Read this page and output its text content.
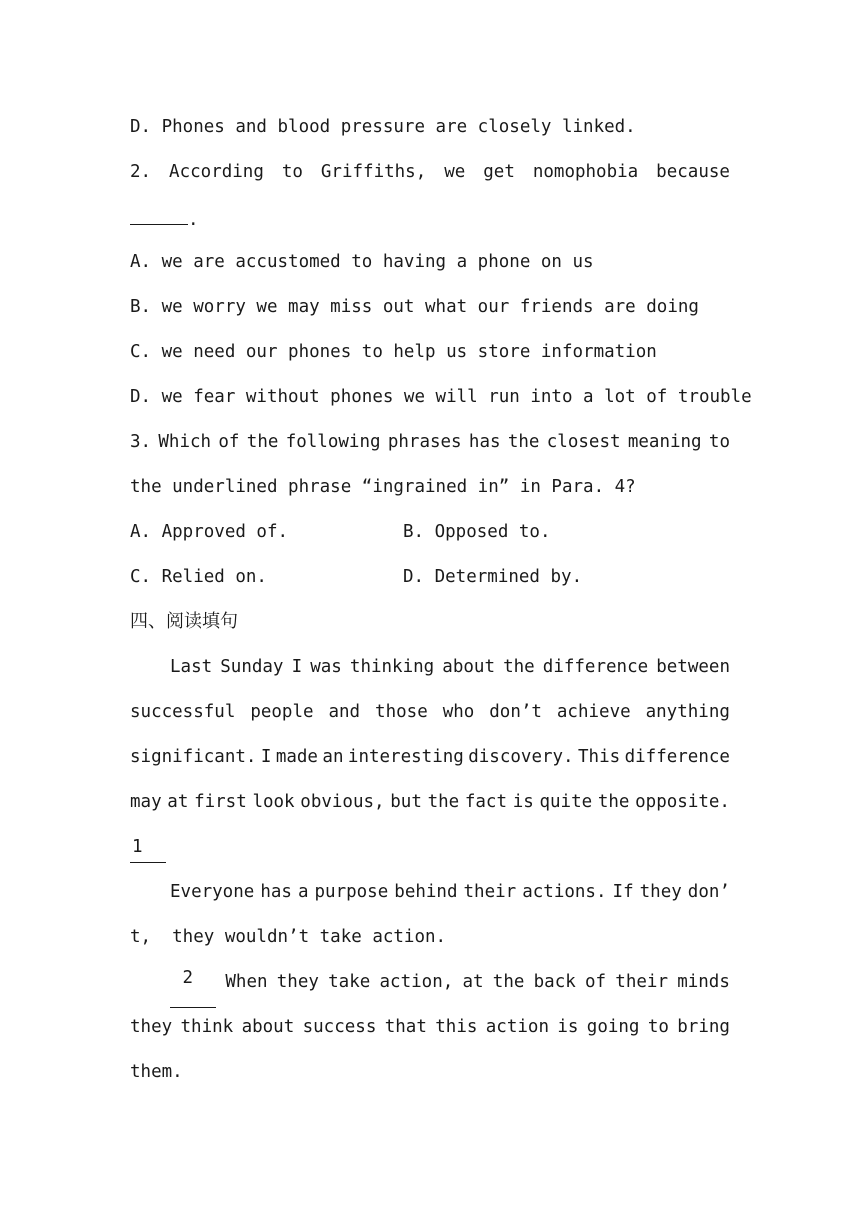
D. Phones and blood pressure are closely linked.
2. According to Griffiths, we get nomophobia because
.
A. we are accustomed to having a phone on us
B. we worry we may miss out what our friends are doing
C. we need our phones to help us store information
D. we fear without phones we will run into a lot of trouble
3. Which of the following phrases has the closest meaning to
the underlined phrase “ingrained in” in Para. 4?
A. Approved of.	B. Opposed to.
C. Relied on.	D. Determined by.
四、阅读填句
Last Sunday I was thinking about the difference between
successful people and those who don’t achieve anything
significant. I made an interesting discovery. This difference
may at first look obvious, but the fact is quite the opposite.
1  
Everyone has a purpose behind their actions. If they don’
t,  they wouldn’t take action.
 2  	When they take action, at the back of their minds
they think about success that this action is going to bring
them.
